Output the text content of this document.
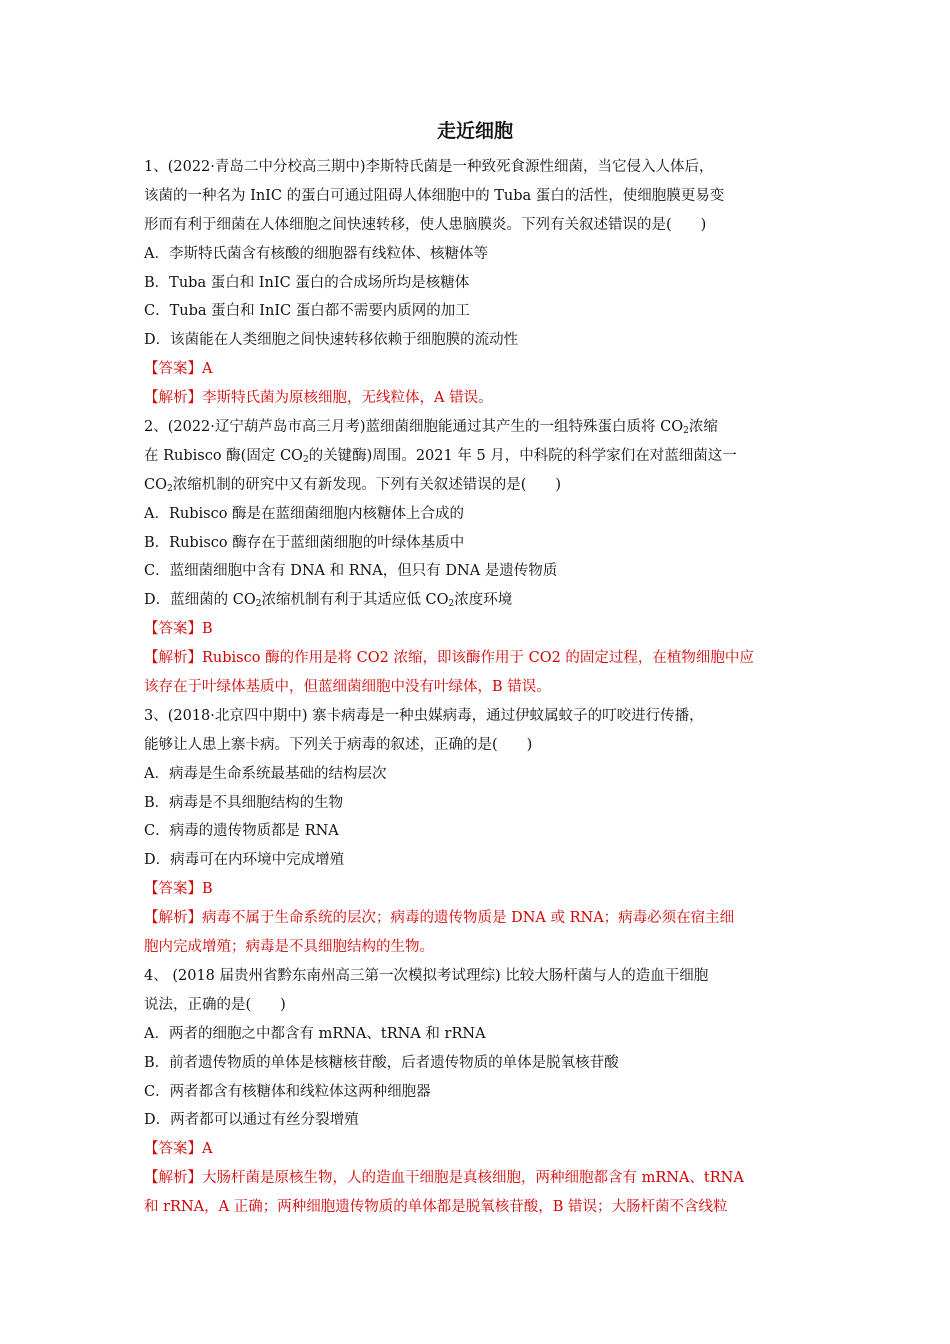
走近细胞
1、(2022·青岛二中分校高三期中)李斯特氏菌是一种致死食源性细菌，当它侵入人体后，
该菌的一种名为 InIC 的蛋白可通过阻碍人体细胞中的 Tuba 蛋白的活性，使细胞膜更易变
形而有利于细菌在人体细胞之间快速转移，使人患脑膜炎。下列有关叙述错误的是(　　)
A．李斯特氏菌含有核酸的细胞器有线粒体、核糖体等
B．Tuba 蛋白和 InIC 蛋白的合成场所均是核糖体
C．Tuba 蛋白和 InIC 蛋白都不需要内质网的加工
D．该菌能在人类细胞之间快速转移依赖于细胞膜的流动性
【答案】A
【解析】李斯特氏菌为原核细胞，无线粒体，A 错误。
2、(2022·辽宁葫芦岛市高三月考)蓝细菌细胞能通过其产生的一组特殊蛋白质将 $CO_2$浓缩
在 Rubisco 酶(固定 $CO_2$的关键酶)周围。2021 年 5 月，中科院的科学家们在对蓝细菌这一
$CO_2$浓缩机制的研究中又有新发现。下列有关叙述错误的是(　　)
A．Rubisco 酶是在蓝细菌细胞内核糖体上合成的
B．Rubisco 酶存在于蓝细菌细胞的叶绿体基质中
C．蓝细菌细胞中含有 DNA 和 RNA，但只有 DNA 是遗传物质
D．蓝细菌的 $CO_2$浓缩机制有利于其适应低 $CO_2$浓度环境
【答案】B
【解析】Rubisco 酶的作用是将 CO2 浓缩，即该酶作用于 CO2 的固定过程，在植物细胞中应
该存在于叶绿体基质中，但蓝细菌细胞中没有叶绿体，B 错误。
3、(2018·北京四中期中) 寨卡病毒是一种虫媒病毒，通过伊蚊属蚊子的叮咬进行传播，
能够让人患上寨卡病。下列关于病毒的叙述，正确的是(　　)
A．病毒是生命系统最基础的结构层次
B．病毒是不具细胞结构的生物
C．病毒的遗传物质都是 RNA
D．病毒可在内环境中完成增殖
【答案】B
【解析】病毒不属于生命系统的层次；病毒的遗传物质是 DNA 或 RNA；病毒必须在宿主细
胞内完成增殖；病毒是不具细胞结构的生物。
4、 (2018 届贵州省黔东南州高三第一次模拟考试理综) 比较大肠杆菌与人的造血干细胞
说法，正确的是(　　)
A．两者的细胞之中都含有 mRNA、tRNA 和 rRNA
B．前者遗传物质的单体是核糖核苷酸，后者遗传物质的单体是脱氧核苷酸
C．两者都含有核糖体和线粒体这两种细胞器
D．两者都可以通过有丝分裂增殖
【答案】A
【解析】大肠杆菌是原核生物，人的造血干细胞是真核细胞，两种细胞都含有 mRNA、tRNA
和 rRNA，A 正确；两种细胞遗传物质的单体都是脱氧核苷酸，B 错误；大肠杆菌不含线粒
